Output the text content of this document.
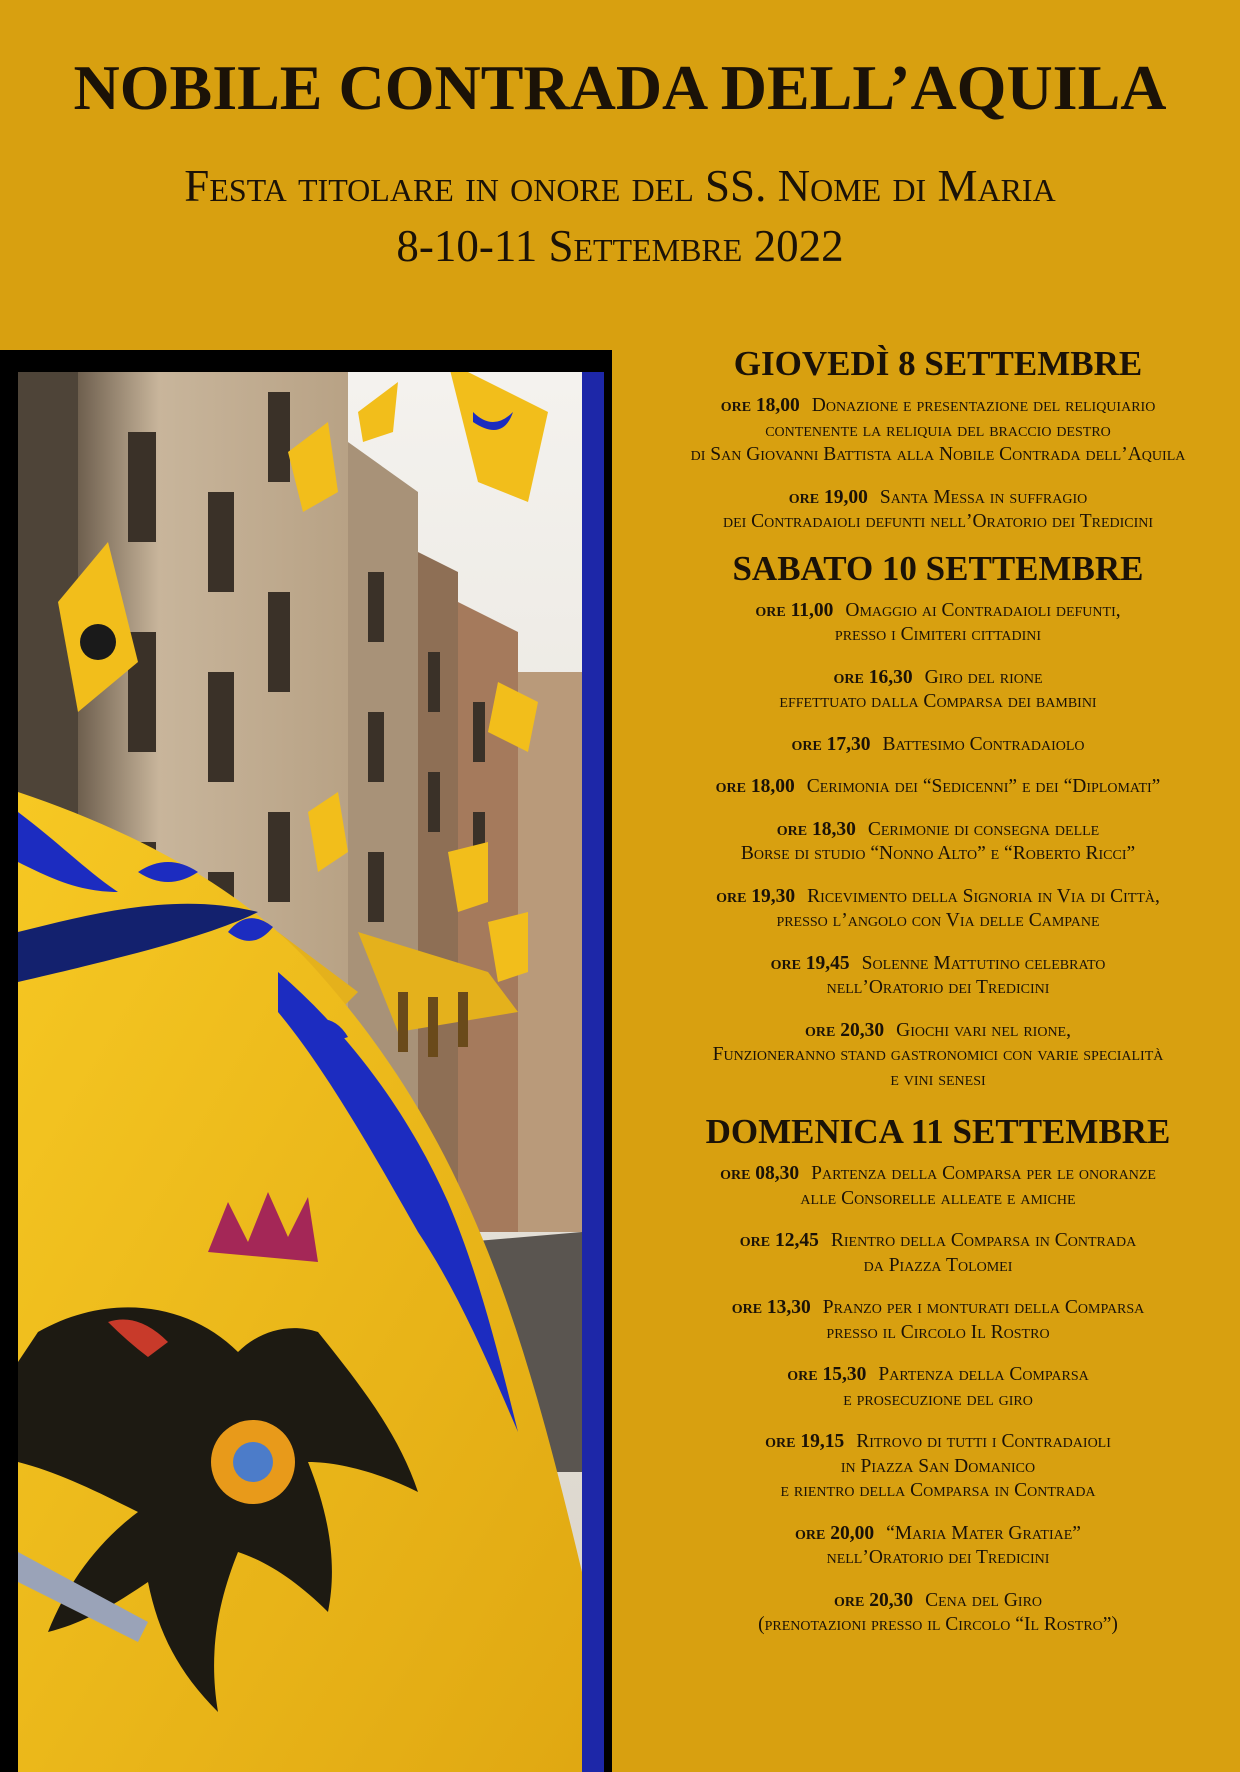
NOBILE CONTRADA DELL’AQUILA
Festa titolare in onore del SS. Nome di Maria
8-10-11 Settembre 2022
GIOVEDÌ 8 SETTEMBRE
ore 18,00 Donazione e presentazione del reliquiario
contenente la reliquia del braccio destro
di San Giovanni Battista alla Nobile Contrada dell’Aquila
ore 19,00 Santa Messa in suffragio
dei Contradaioli defunti nell’Oratorio dei Tredicini
SABATO 10 SETTEMBRE
ore 11,00 Omaggio ai Contradaioli defunti,
presso i Cimiteri cittadini
ore 16,30 Giro del rione
effettuato dalla Comparsa dei bambini
ore 17,30 Battesimo Contradaiolo
ore 18,00 Cerimonia dei “Sedicenni” e dei “Diplomati”
ore 18,30 Cerimonie di consegna delle
Borse di studio “Nonno Alto” e “Roberto Ricci”
ore 19,30 Ricevimento della Signoria in Via di Città,
presso l’angolo con Via delle Campane
ore 19,45 Solenne Mattutino celebrato
nell’Oratorio dei Tredicini
ore 20,30 Giochi vari nel rione,
Funzioneranno stand gastronomici con varie specialità
e vini senesi
DOMENICA 11 SETTEMBRE
ore 08,30 Partenza della Comparsa per le onoranze
alle Consorelle alleate e amiche
ore 12,45 Rientro della Comparsa in Contrada
da Piazza Tolomei
ore 13,30 Pranzo per i monturati della Comparsa
presso il Circolo Il Rostro
ore 15,30 Partenza della Comparsa
e prosecuzione del giro
ore 19,15 Ritrovo di tutti i Contradaioli
in Piazza San Domanico
e rientro della Comparsa in Contrada
ore 20,00 “Maria Mater Gratiae”
nell’Oratorio dei Tredicini
ore 20,30 Cena del Giro
(prenotazioni presso il Circolo “Il Rostro”)
